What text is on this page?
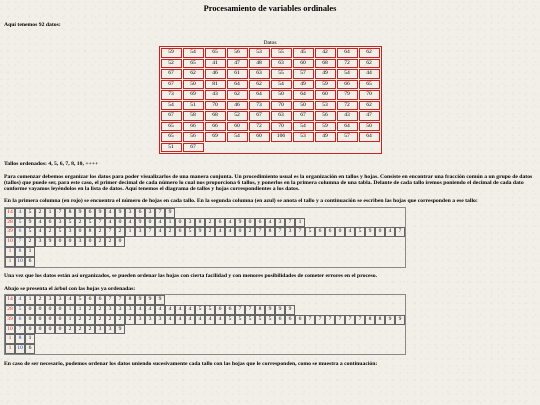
Procesamiento de variables ordinales

Aquí tenemos 92 datos:

Datos
59	54	65	56	53	55	45	42	64	62
52	65	41	47	48	63	60	68	72	62
67	62	46	61	63	55	57	49	54	44
67	50	81	64	62	54	49	59	66	65
73	69	43	62	64	50	64	60	79	70
54	51	70	46	73	70	50	53	72	62
67	58	68	52	67	63	67	56	43	47
65	66	66	60	72	70	54	59	64	50
65	56	69	54	60	106	53	49	57	64
51	67								

Tallos ordenados: 4, 5, 6, 7, 8, 10, ++++

Para comenzar debemos organizar los datos para poder visualizarlos de una manera conjunta. Un procedimiento usual es la organización en tallos y hojas. Consiste en encontrar una fracción común a un grupo de datos (tallos) que puede ser, para este caso, el primer decimal de cada número lo cual nos proporciona 6 tallos, y ponerlos en la primera columna de una tabla. Delante de cada tallo iremos poniendo el decimal de cada dato conforme vayamos leyéndolos en la lista de datos. Aquí tenemos el diagrama de tallos y hojas correspondientes a los datos.

En la primera columna (en rojo) se encuentra el número de hojas en cada tallo. En la segunda columna (en azul) se anota el tallo y a continuación se escriben las hojas que corresponden a ese tallo:

14	4	5	2	1	7	8	9	6	9	4	9	3	6	3	7	9																							
28	5	9	4	6	3	5	2	5	7	4	0	4	9	0	4	1	0	3	8	2	6	4	9	0	6	4	3	7	1										
39	6	5	4	2	5	3	0	8	2	7	2	1	3	7	4	2	6	5	9	2	4	4	0	2	7	8	7	3	7	5	6	6	0	4	5	9	0	4	7
10	7	2	3	9	0	0	3	0	2	2	0																												
1	8	1																																					
1	10	6																																					

Una vez que los datos están así organizados, se pueden ordenar las hojas con cierta facilidad y con menores posibilidades de cometer errores en el proceso.

Abajo se presenta el árbol con las hojas ya ordenadas:

14	4	1	2	3	3	4	5	6	6	7	7	8	9	9	9																								
28	5	0	0	0	0	1	1	2	2	3	3	3	4	4	4	4	4	4	5	5	6	6	7	7	8	9	9	9											
39	6	0	0	0	0	1	2	2	2	2	2	2	3	3	3	4	4	4	4	4	4	5	5	5	5	5	6	6	6	7	7	7	7	7	7	8	8	9	9
10	7	0	0	0	0	2	2	2	3	3	9																												
1	8	1																																					
1	10	6																																					

En caso de ser necesario, podemos ordenar los datos uniendo sucesivamente cada tallo con las hojas que le corresponden, como se muestra a continuación:
